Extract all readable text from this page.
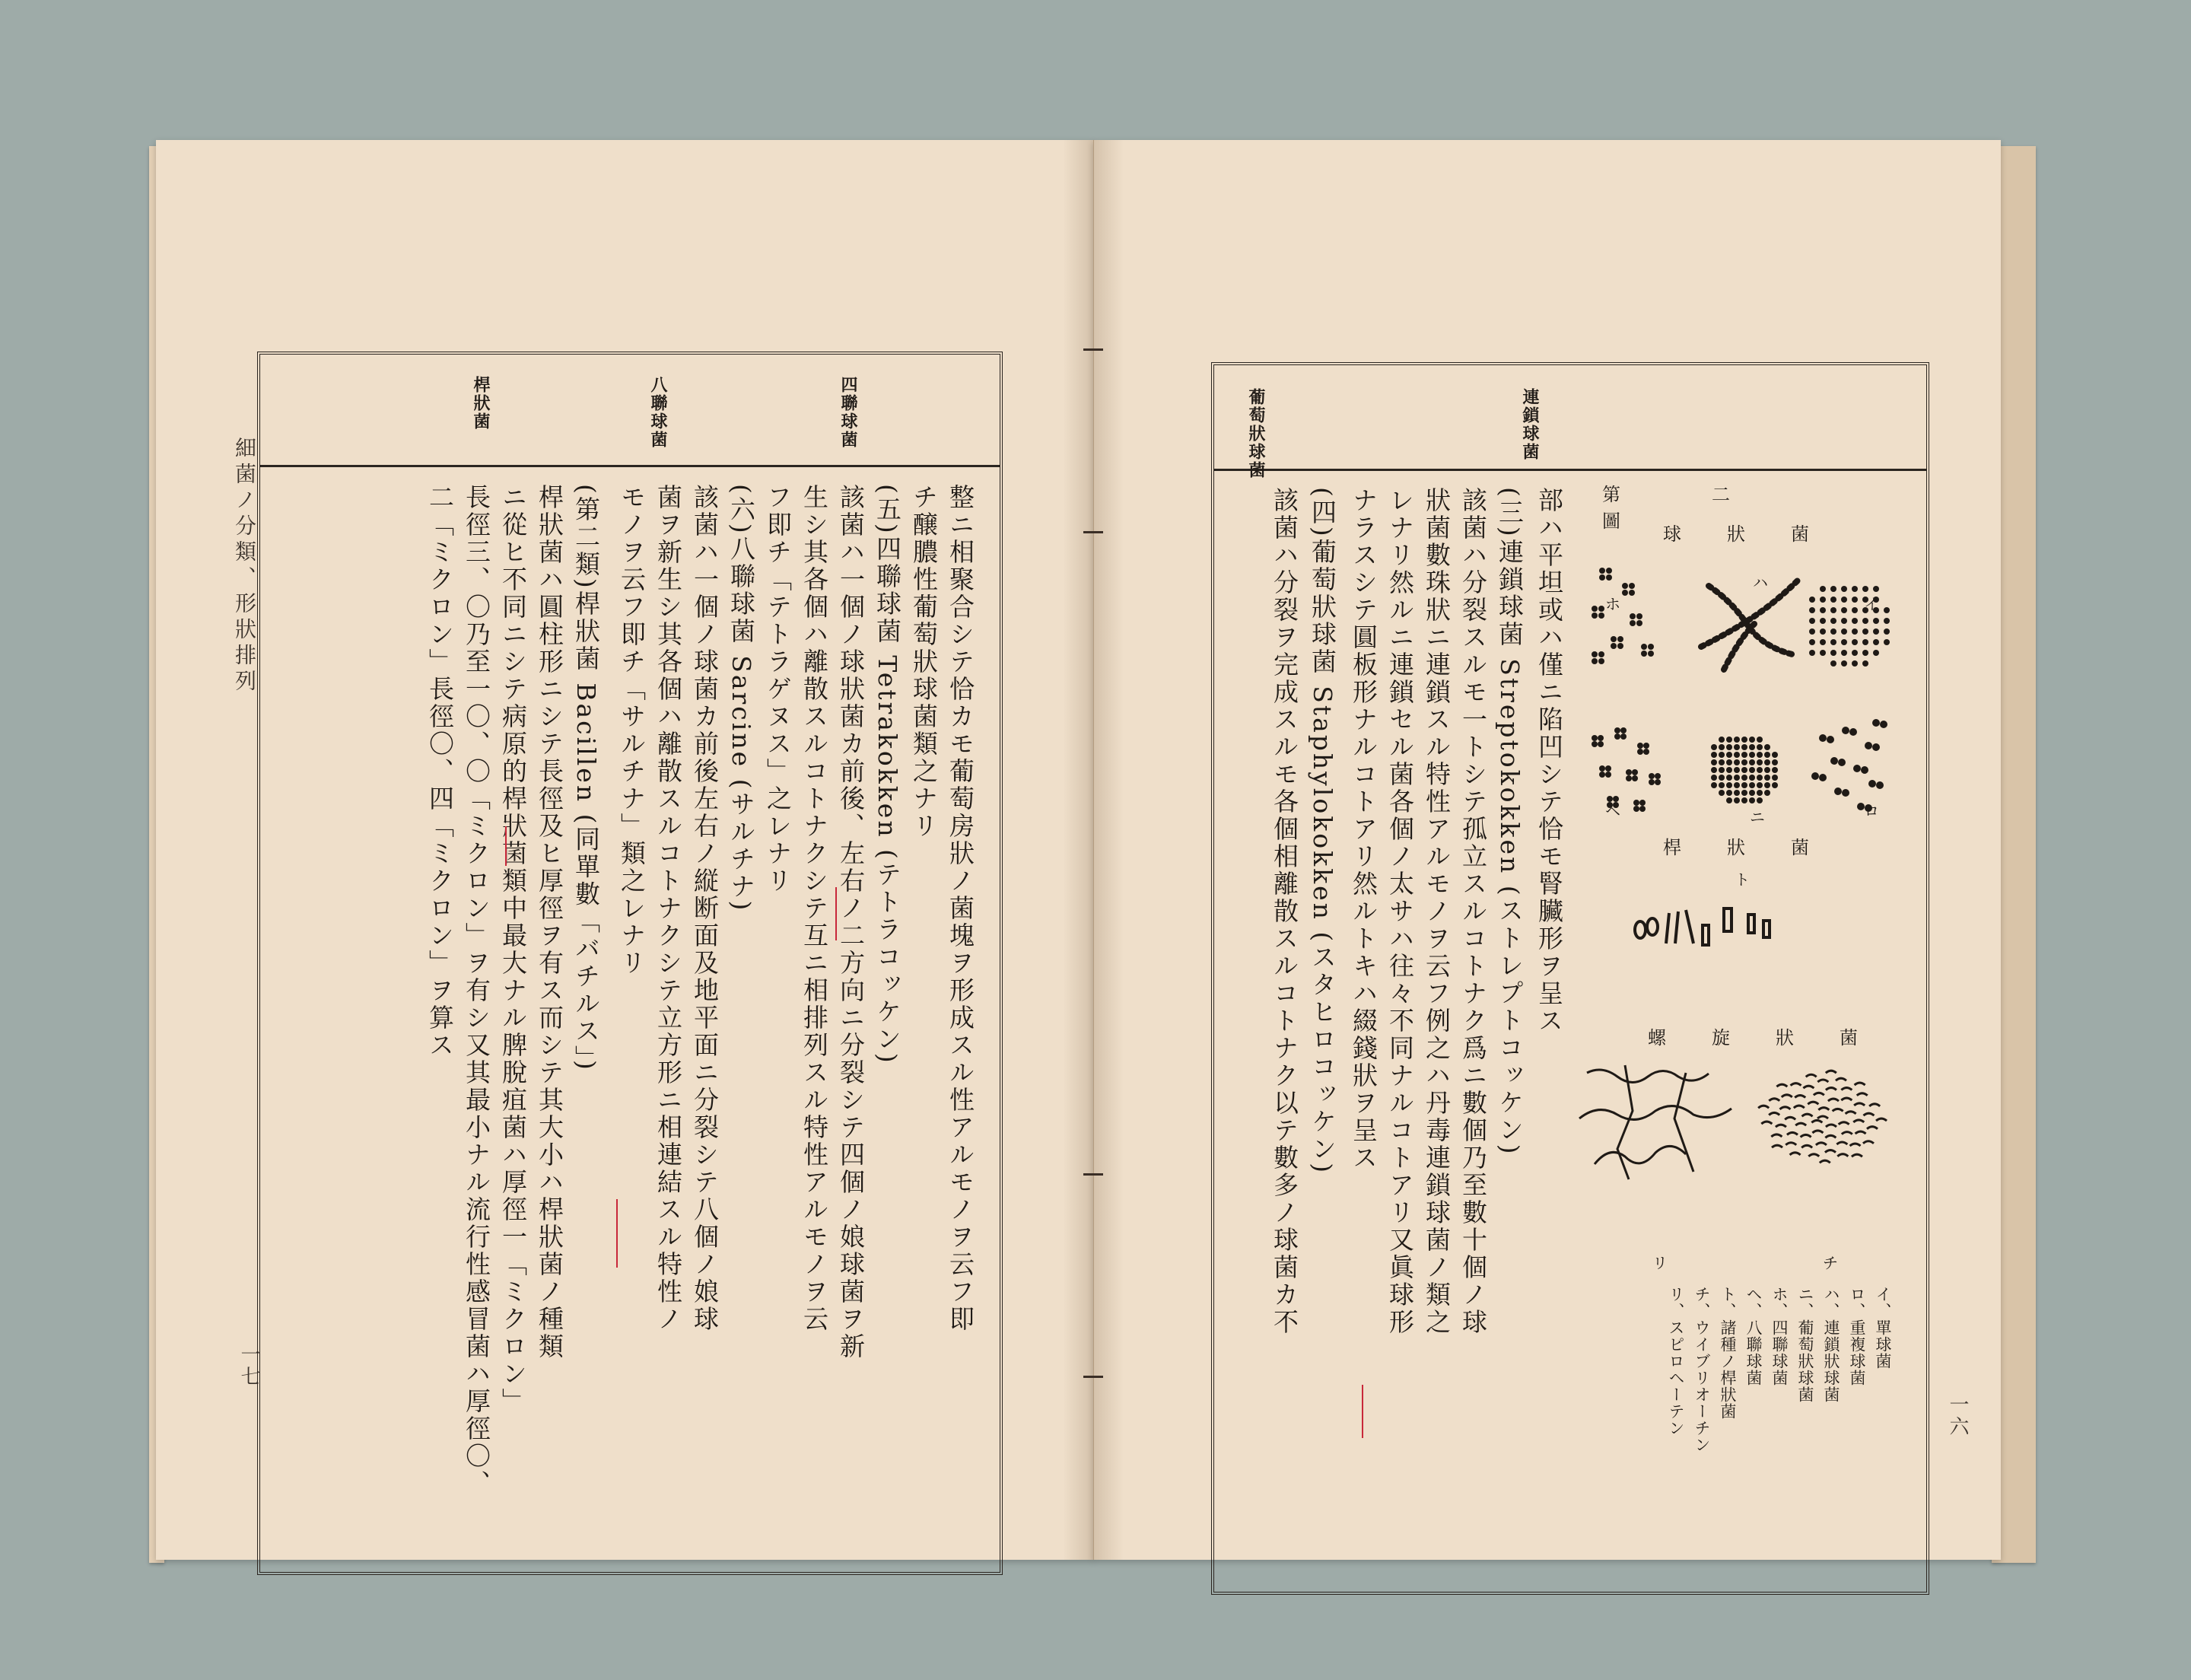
細菌ノ分類、形狀排列
一七
四聯球菌
八聯球菌
桿狀菌
整ニ相聚合シテ恰カモ葡萄房狀ノ菌塊ヲ形成スル性アルモノヲ云フ即
チ醸膿性葡萄狀球菌類之ナリ
(五)四聯球菌 Tetrakokken (テトラコッケン)
該菌ハ一個ノ球狀菌カ前後、左右ノ二方向ニ分裂シテ四個ノ娘球菌ヲ新
生シ其各個ハ離散スルコトナクシテ互ニ相排列スル特性アルモノヲ云
フ即チ「テトラゲヌス」之レナリ
(六)八聯球菌 Sarcine (サルチナ)
該菌ハ一個ノ球菌カ前後左右ノ縦断面及地平面ニ分裂シテ八個ノ娘球
菌ヲ新生シ其各個ハ離散スルコトナクシテ立方形ニ相連結スル特性ノ
モノヲ云フ即チ「サルチナ」類之レナリ
(第二類)桿狀菌 Bacillen (同單數「バチルス」)
桿狀菌ハ圓柱形ニシテ長徑及ヒ厚徑ヲ有ス而シテ其大小ハ桿狀菌ノ種類
ニ從ヒ不同ニシテ病原的桿狀菌類中最大ナル脾脫疽菌ハ厚徑一「ミクロン」
長徑三、〇乃至一〇、〇「ミクロン」ヲ有シ又其最小ナル流行性感冒菌ハ厚徑〇、
二「ミクロン」長徑〇、四「ミクロン」ヲ算ス
一六
連鎖球菌
葡萄狀球菌
部ハ平坦或ハ僅ニ陷凹シテ恰モ腎臟形ヲ呈ス
(三)連鎖球菌 Streptokokken (ストレプトコッケン)
該菌ハ分裂スルモ一トシテ孤立スルコトナク爲ニ數個乃至數十個ノ球
狀菌數珠狀ニ連鎖スル特性アルモノヲ云フ例之ハ丹毒連鎖球菌ノ類之
レナリ然ルニ連鎖セル菌各個ノ太サハ往々不同ナルコトアリ又眞球形
ナラスシテ圓板形ナルコトアリ然ルトキハ綴錢狀ヲ呈ス
(四)葡萄狀球菌 Staphylokokken (スタヒロコッケン)
該菌ハ分裂ヲ完成スルモ各個相離散スルコトナク以テ數多ノ球菌カ不	第二圖
球狀菌
イ
ロ
ハ
ニ
ホ
ヘ
桿狀菌
ト
螺旋狀菌
チ
リ
イ、單球菌
ロ、重複球菌
ハ、連鎖狀球菌
ニ、葡萄狀球菌
ホ、四聯球菌
ヘ、八聯球菌
ト、諸種ノ桿狀菌
チ、ウイブリオーチン
リ、スピロヘーテン
